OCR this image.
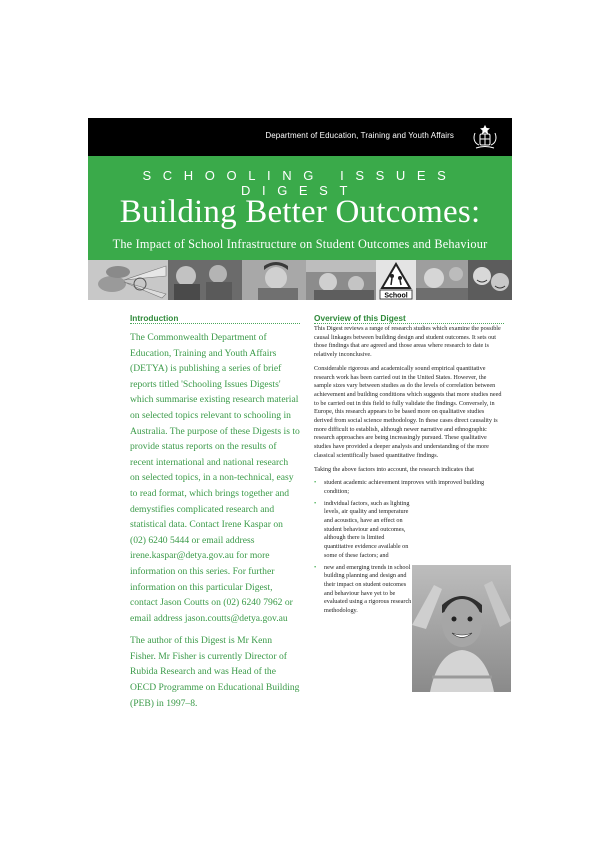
Department of Education, Training and Youth Affairs
SCHOOLING ISSUES DIGEST
Building Better Outcomes:
The Impact of School Infrastructure on Student Outcomes and Behaviour
School
Introduction

The Commonwealth Department of Education, Training and Youth Affairs (DETYA) is publishing a series of brief reports titled 'Schooling Issues Digests' which summarise existing research material on selected topics relevant to schooling in Australia. The purpose of these Digests is to provide status reports on the results of recent international and national research on selected topics, in a non-technical, easy to read format, which brings together and demystifies complicated research and statistical data. Contact Irene Kaspar on (02) 6240 5444 or email address irene.kaspar@detya.gov.au for more information on this series. For further information on this particular Digest, contact Jason Coutts on (02) 6240 7962 or email address jason.coutts@detya.gov.au

The author of this Digest is Mr Kenn Fisher. Mr Fisher is currently Director of Rubida Research and was Head of the OECD Programme on Educational Building (PEB) in 1997–8.

Overview of this Digest

This Digest reviews a range of research studies which examine the possible causal linkages between building design and student outcomes. It sets out those findings that are agreed and those areas where research to date is relatively inconclusive.

Considerable rigorous and academically sound empirical quantitative research work has been carried out in the United States. However, the sample sizes vary between studies as do the levels of correlation between achievement and building conditions which suggests that more studies need to be carried out in this field to fully validate the findings. Conversely, in Europe, this research appears to be based more on qualitative studies derived from social science methodology. In these cases direct causality is more difficult to establish, although newer narrative and ethnographic research approaches are being increasingly pursued. These qualitative studies have provided a deeper analysis and understanding of the more classical scientifically based quantitative findings.

Taking the above factors into account, the research indicates that

• student academic achievement improves with improved building condition;
• individual factors, such as lighting levels, air quality and temperature and acoustics, have an effect on student behaviour and outcomes, although there is limited quantitative evidence available on some of these factors; and
• new and emerging trends in school building planning and design and their impact on student outcomes and behaviour have yet to be evaluated using a rigorous research methodology.
